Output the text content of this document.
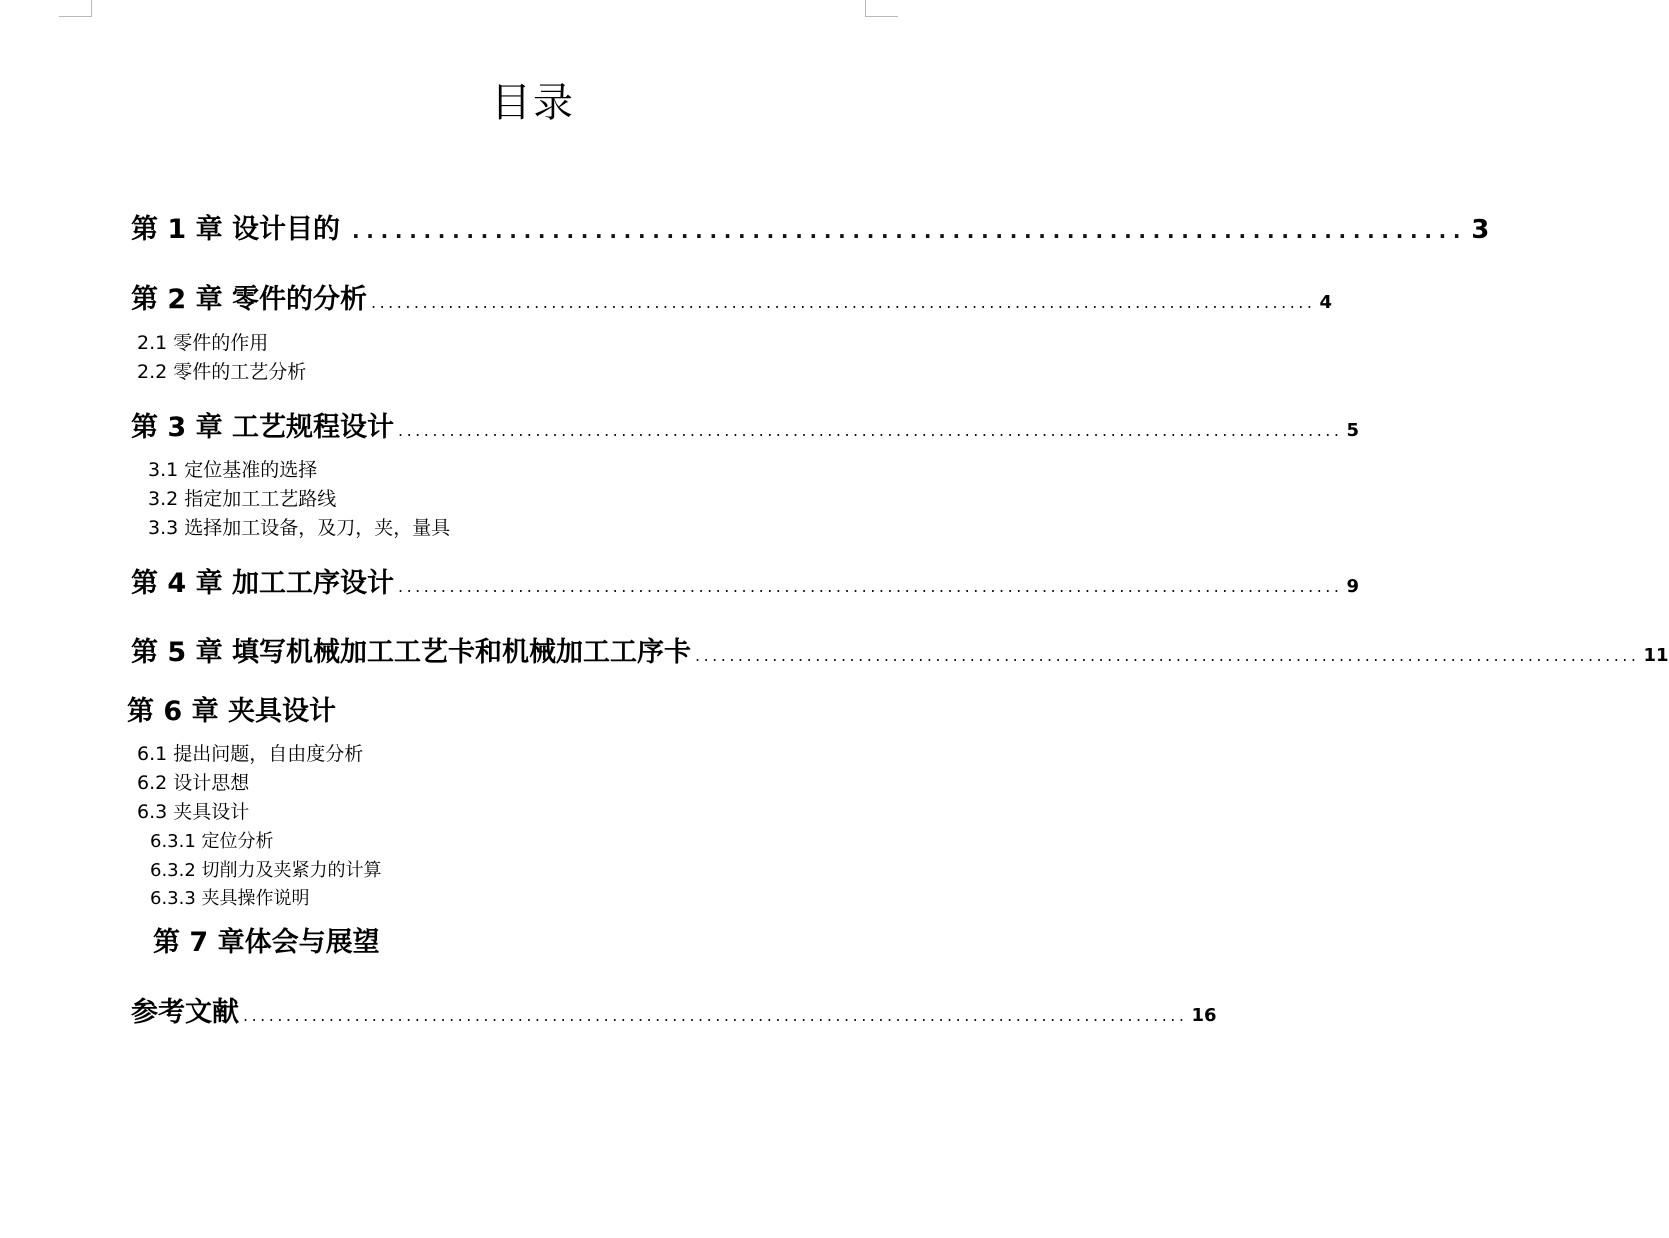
目录
第 1 章 设计目的 .............................................................................. 3
第 2 章 零件的分析 .............................................................................................................. 4
2.1 零件的作用
2.2 零件的工艺分析
第 3 章 工艺规程设计 .............................................................................................................. 5
3.1 定位基准的选择
3.2 指定加工工艺路线
3.3 选择加工设备，及刀，夹，量具
第 4 章 加工工序设计 .............................................................................................................. 9
第 5 章 填写机械加工工艺卡和机械加工工序卡 .............................................................................................................. 11
第 6 章 夹具设计
6.1 提出问题，自由度分析
6.2 设计思想
6.3 夹具设计
6.3.1 定位分析
6.3.2 切削力及夹紧力的计算
6.3.3 夹具操作说明
第 7 章体会与展望
参考文献 .............................................................................................................. 16
